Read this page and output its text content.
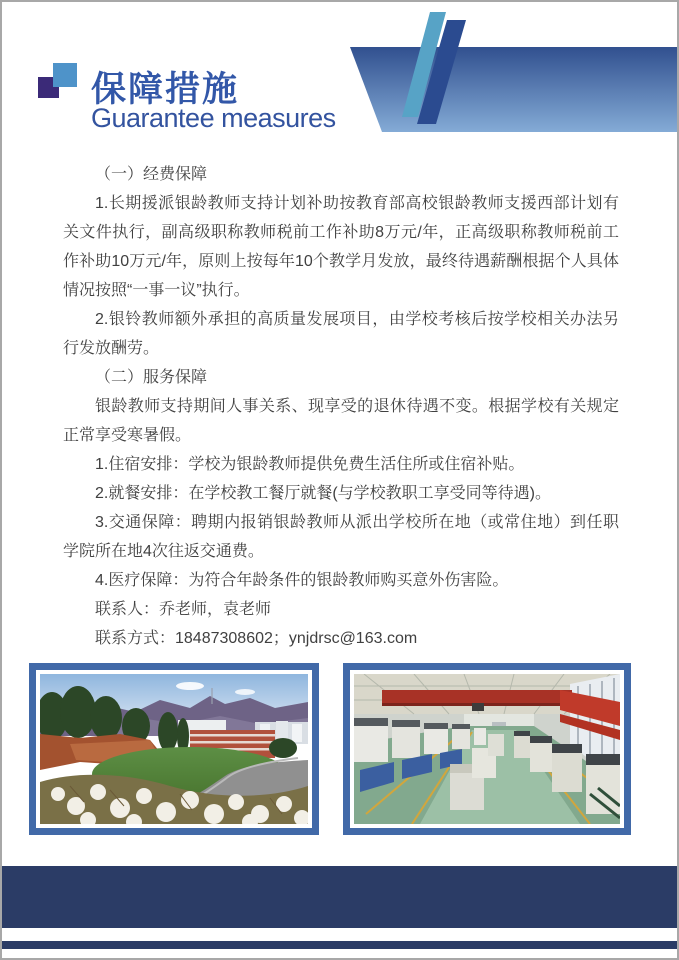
保障措施
Guarantee measures

（一）经费保障

1.长期援派银龄教师支持计划补助按教育部高校银龄教师支援西部计划有关文件执行，副高级职称教师税前工作补助8万元/年，正高级职称教师税前工作补助10万元/年，原则上按每年10个教学月发放，最终待遇薪酬根据个人具体情况按照“一事一议”执行。

2.银铃教师额外承担的高质量发展项目，由学校考核后按学校相关办法另行发放酬劳。

（二）服务保障

银龄教师支持期间人事关系、现享受的退休待遇不变。根据学校有关规定正常享受寒暑假。

1.住宿安排：学校为银龄教师提供免费生活住所或住宿补贴。

2.就餐安排：在学校教工餐厅就餐(与学校教职工享受同等待遇)。

3.交通保障：聘期内报销银龄教师从派出学校所在地（或常住地）到任职学院所在地4次往返交通费。

4.医疗保障：为符合年龄条件的银龄教师购买意外伤害险。

联系人：乔老师，袁老师

联系方式：18487308602；ynjdrsc@163.com
